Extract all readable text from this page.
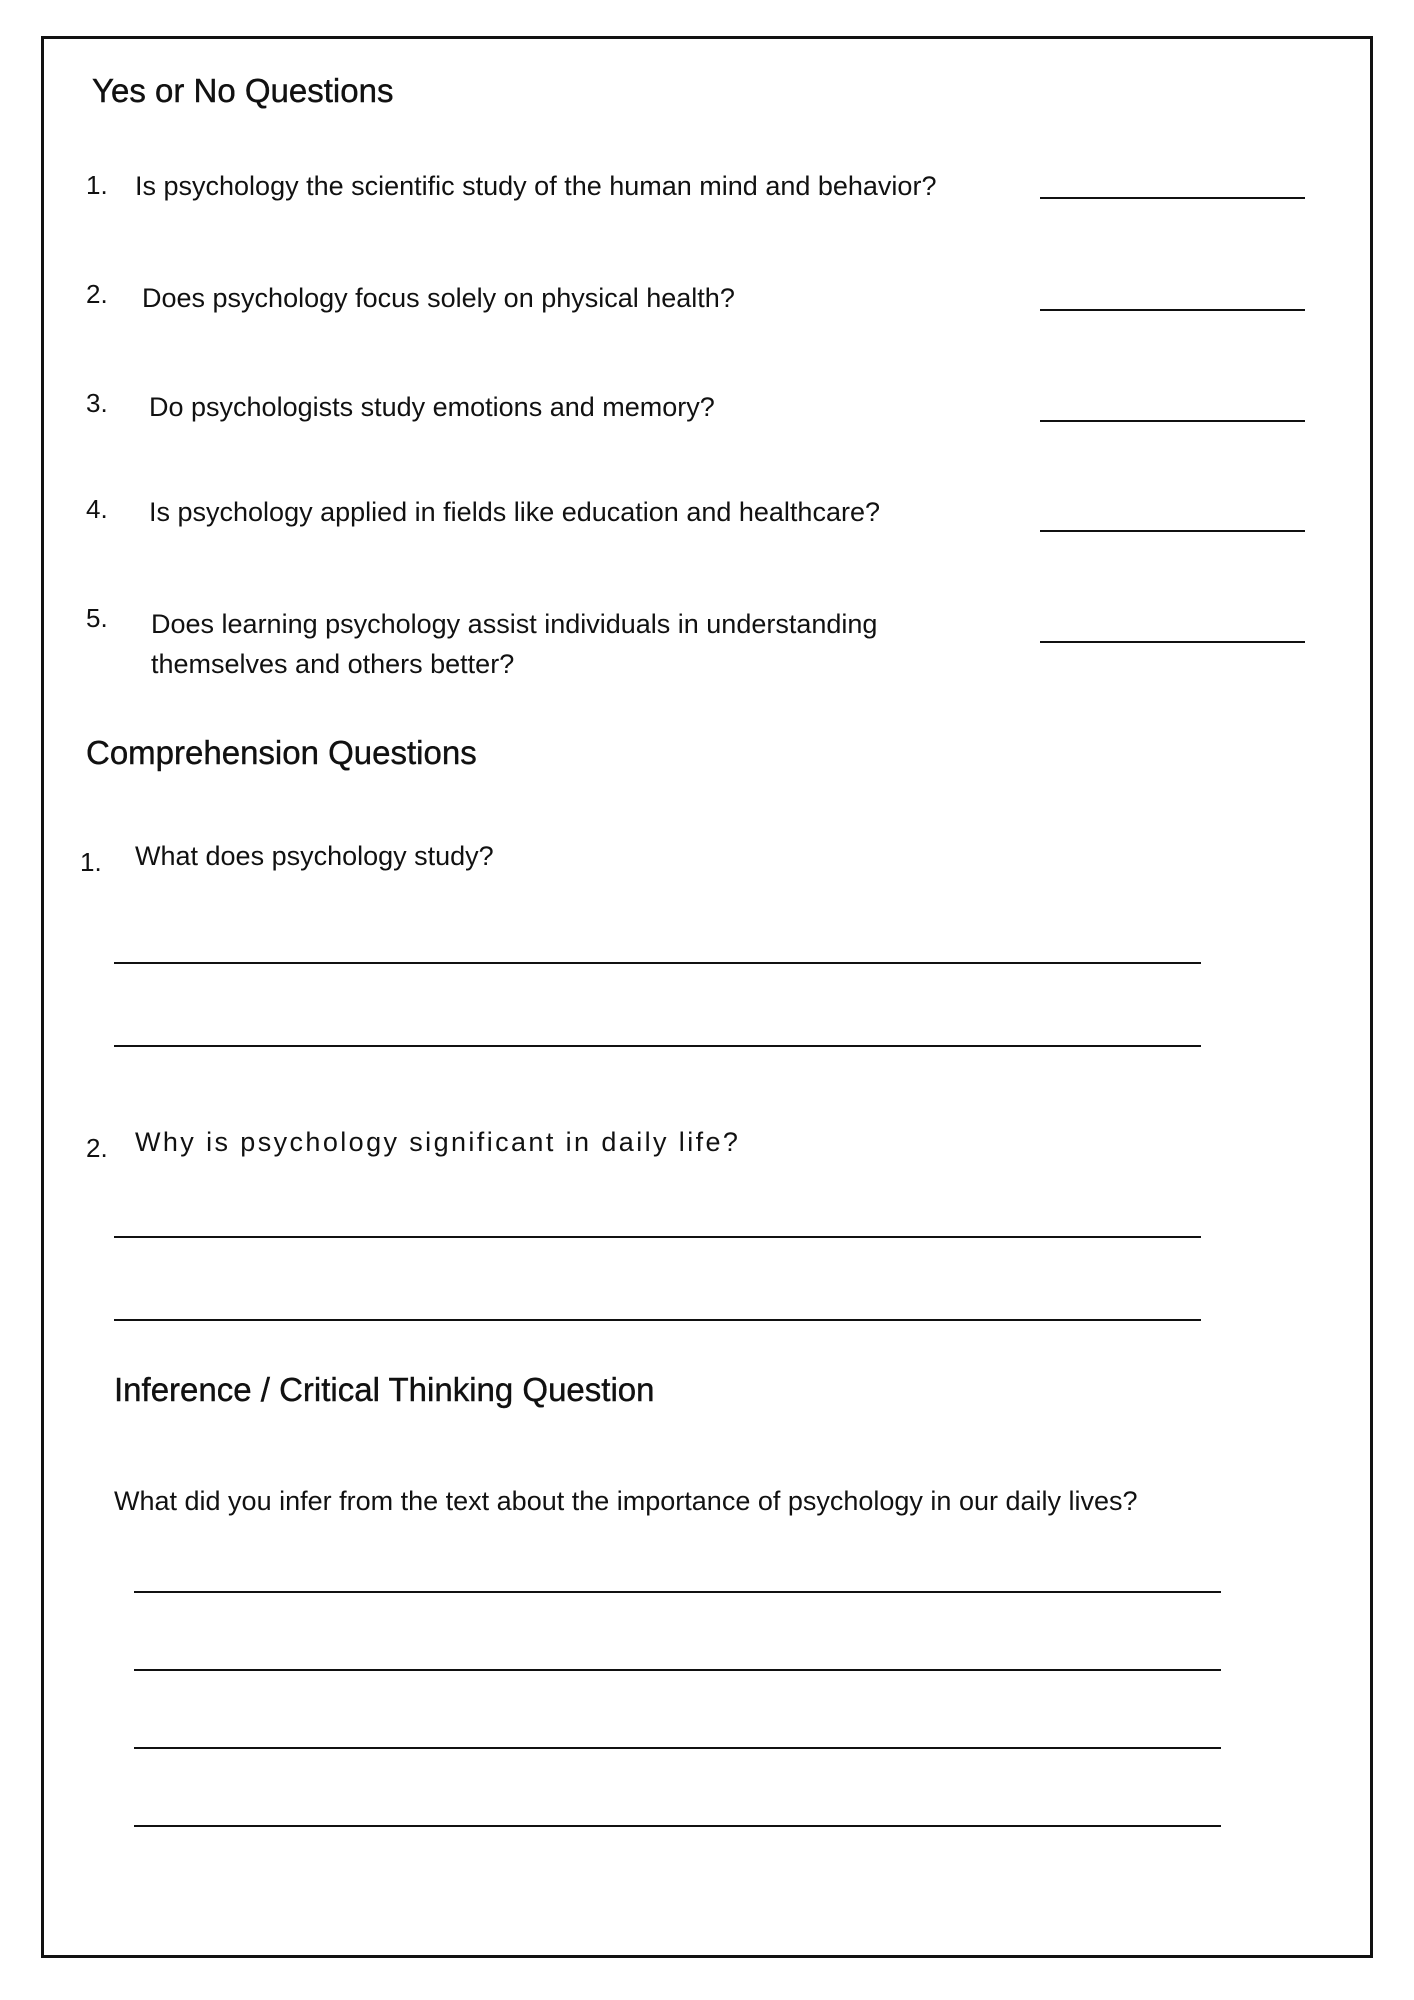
Yes or No Questions
1. Is psychology the scientific study of the human mind and behavior?
2. Does psychology focus solely on physical health?
3. Do psychologists study emotions and memory?
4. Is psychology applied in fields like education and healthcare?
5. Does learning psychology assist individuals in understanding
themselves and others better?
Comprehension Questions
1. What does psychology study?
2. Why is psychology significant in daily life?
Inference / Critical Thinking Question
What did you infer from the text about the importance of psychology in our daily lives?
